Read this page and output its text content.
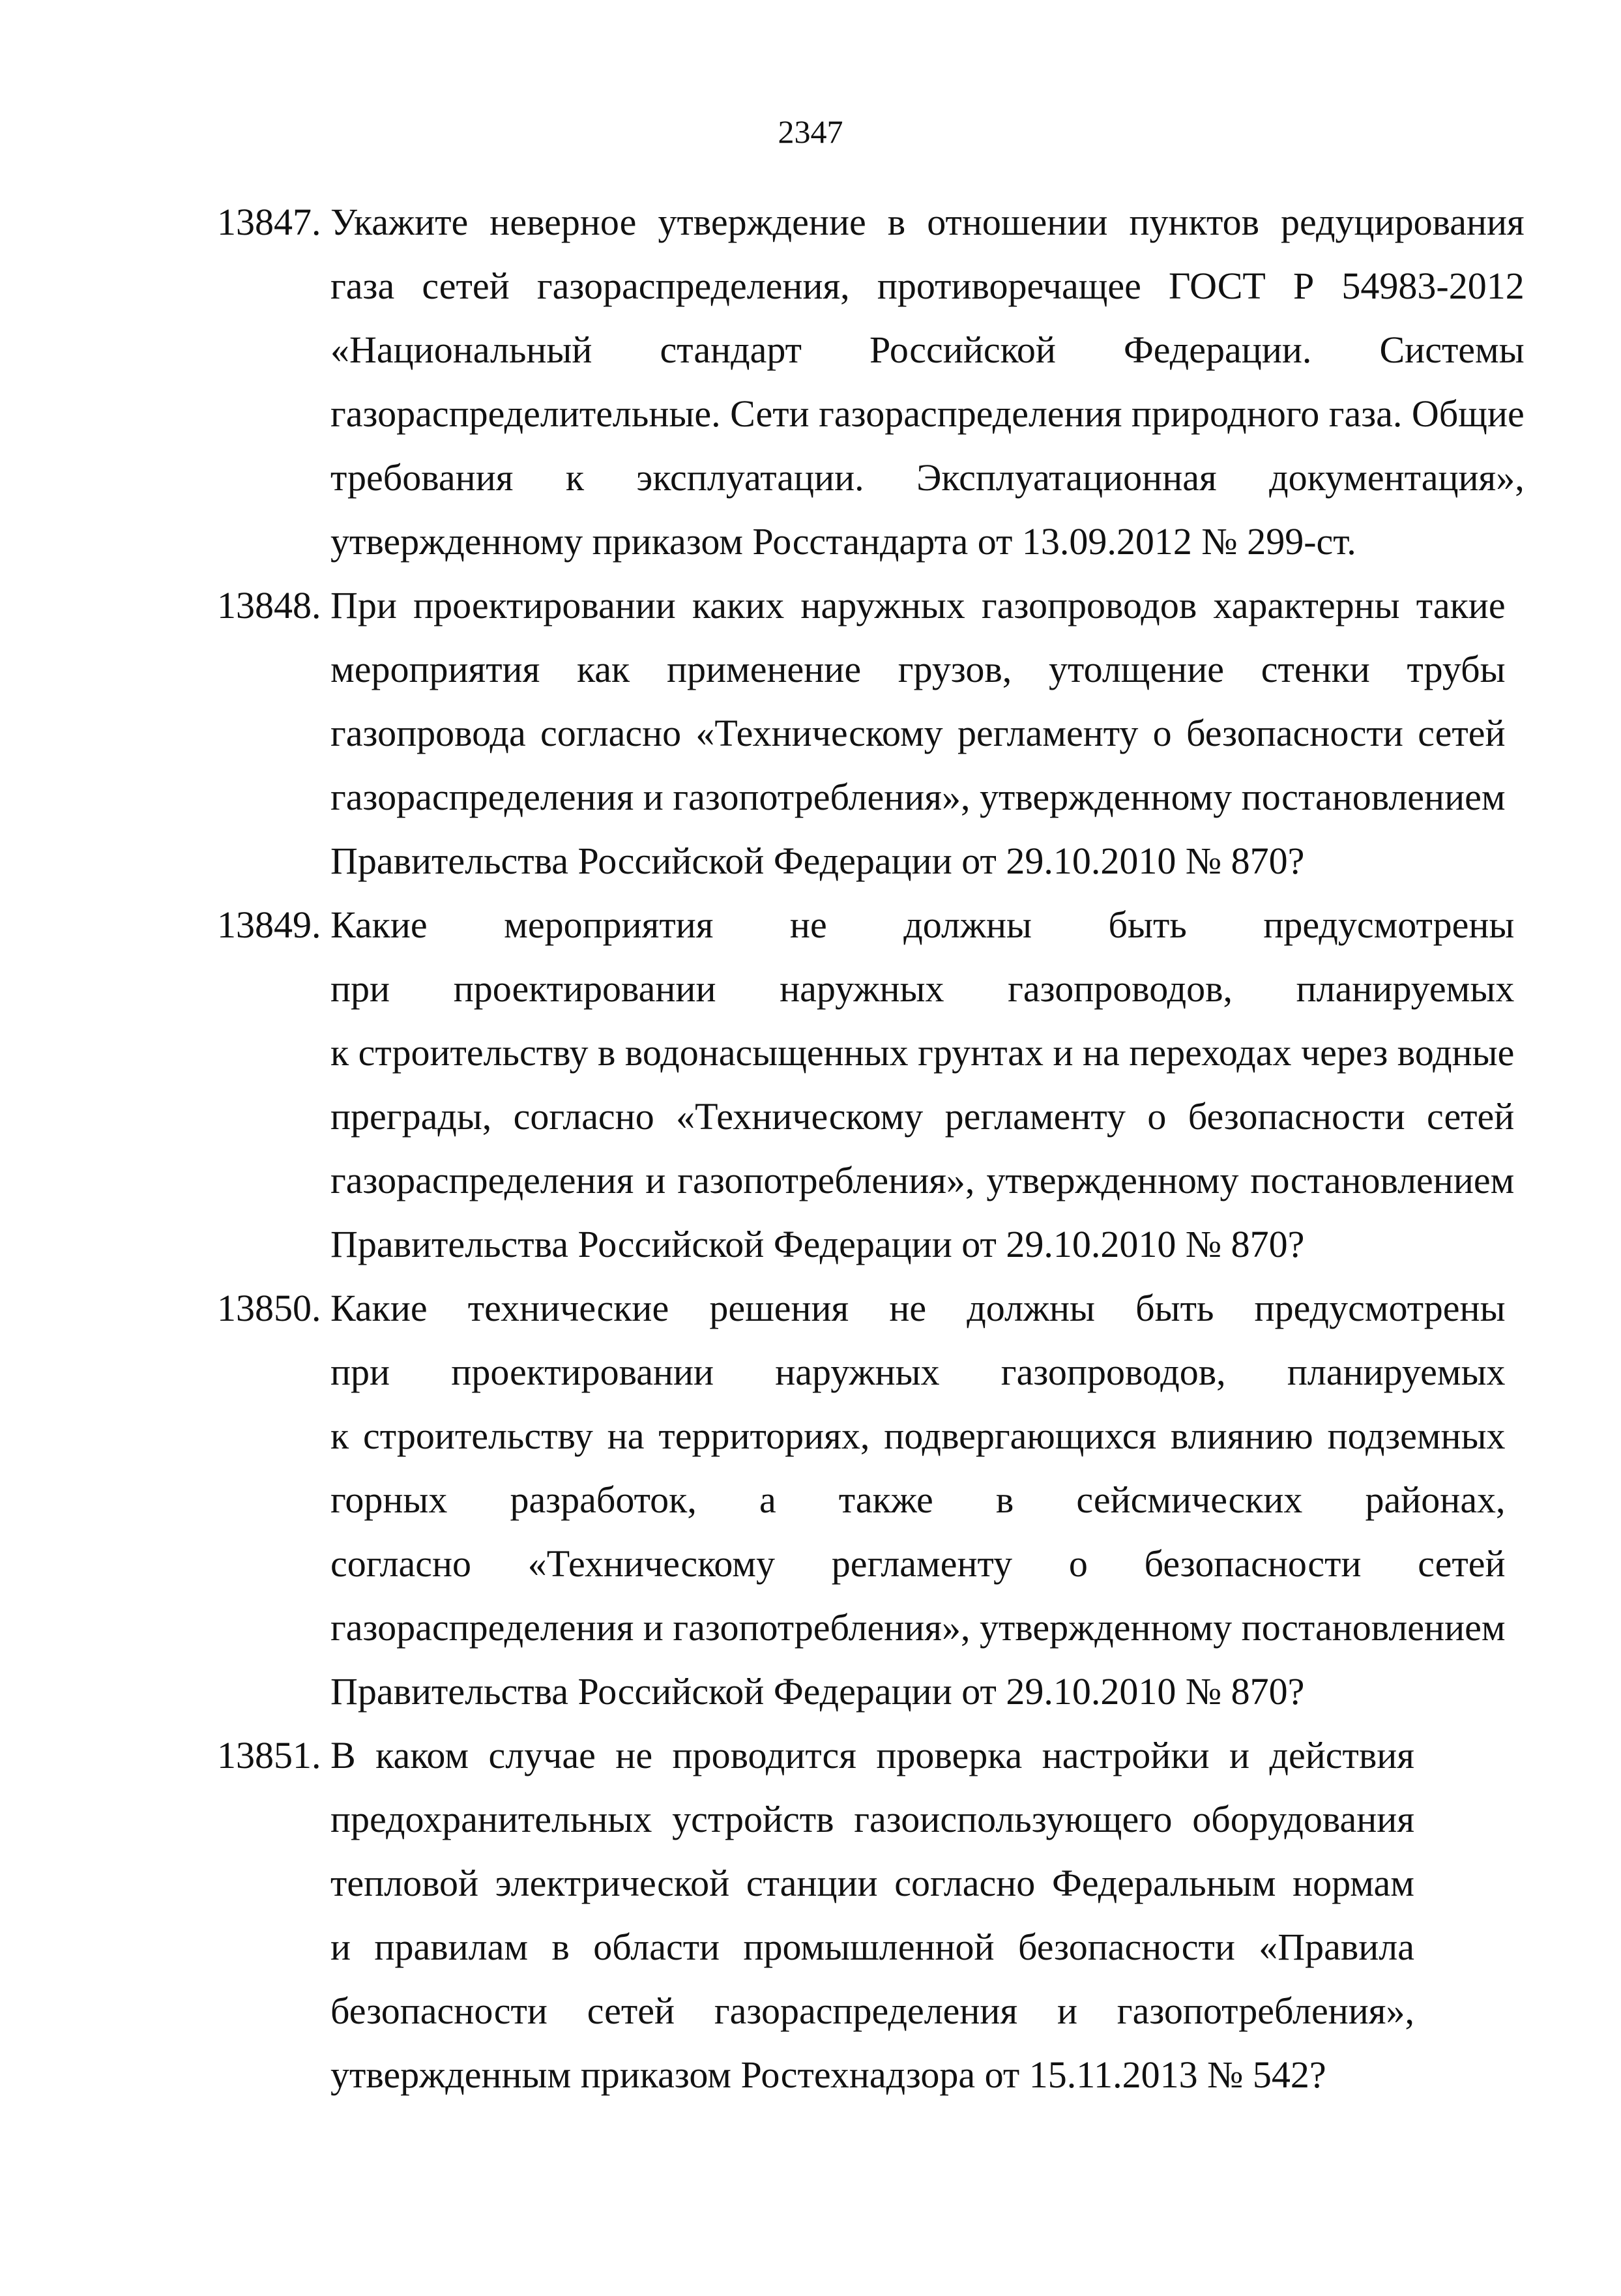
2347
13847. Укажите неверное утверждение в отношении пунктов редуцирования
газа сетей газораспределения, противоречащее ГОСТ Р 54983-2012
«Национальный стандарт Российской Федерации. Системы
газораспределительные. Сети газораспределения природного газа. Общие
требования к эксплуатации. Эксплуатационная документация»,
утвержденному приказом Росстандарта от 13.09.2012 № 299-ст.
13848. При проектировании каких наружных газопроводов характерны такие
мероприятия как применение грузов, утолщение стенки трубы
газопровода согласно «Техническому регламенту о безопасности сетей
газораспределения и газопотребления», утвержденному постановлением
Правительства Российской Федерации от 29.10.2010 № 870?
13849. Какие мероприятия не должны быть предусмотрены
при проектировании наружных газопроводов, планируемых
к строительству в водонасыщенных грунтах и на переходах через водные
преграды, согласно «Техническому регламенту о безопасности сетей
газораспределения и газопотребления», утвержденному постановлением
Правительства Российской Федерации от 29.10.2010 № 870?
13850. Какие технические решения не должны быть предусмотрены
при проектировании наружных газопроводов, планируемых
к строительству на территориях, подвергающихся влиянию подземных
горных разработок, а также в сейсмических районах,
согласно «Техническому регламенту о безопасности сетей
газораспределения и газопотребления», утвержденному постановлением
Правительства Российской Федерации от 29.10.2010 № 870?
13851. В каком случае не проводится проверка настройки и действия
предохранительных устройств газоиспользующего оборудования
тепловой электрической станции согласно Федеральным нормам
и правилам в области промышленной безопасности «Правила
безопасности сетей газораспределения и газопотребления»,
утвержденным приказом Ростехнадзора от 15.11.2013 № 542?
